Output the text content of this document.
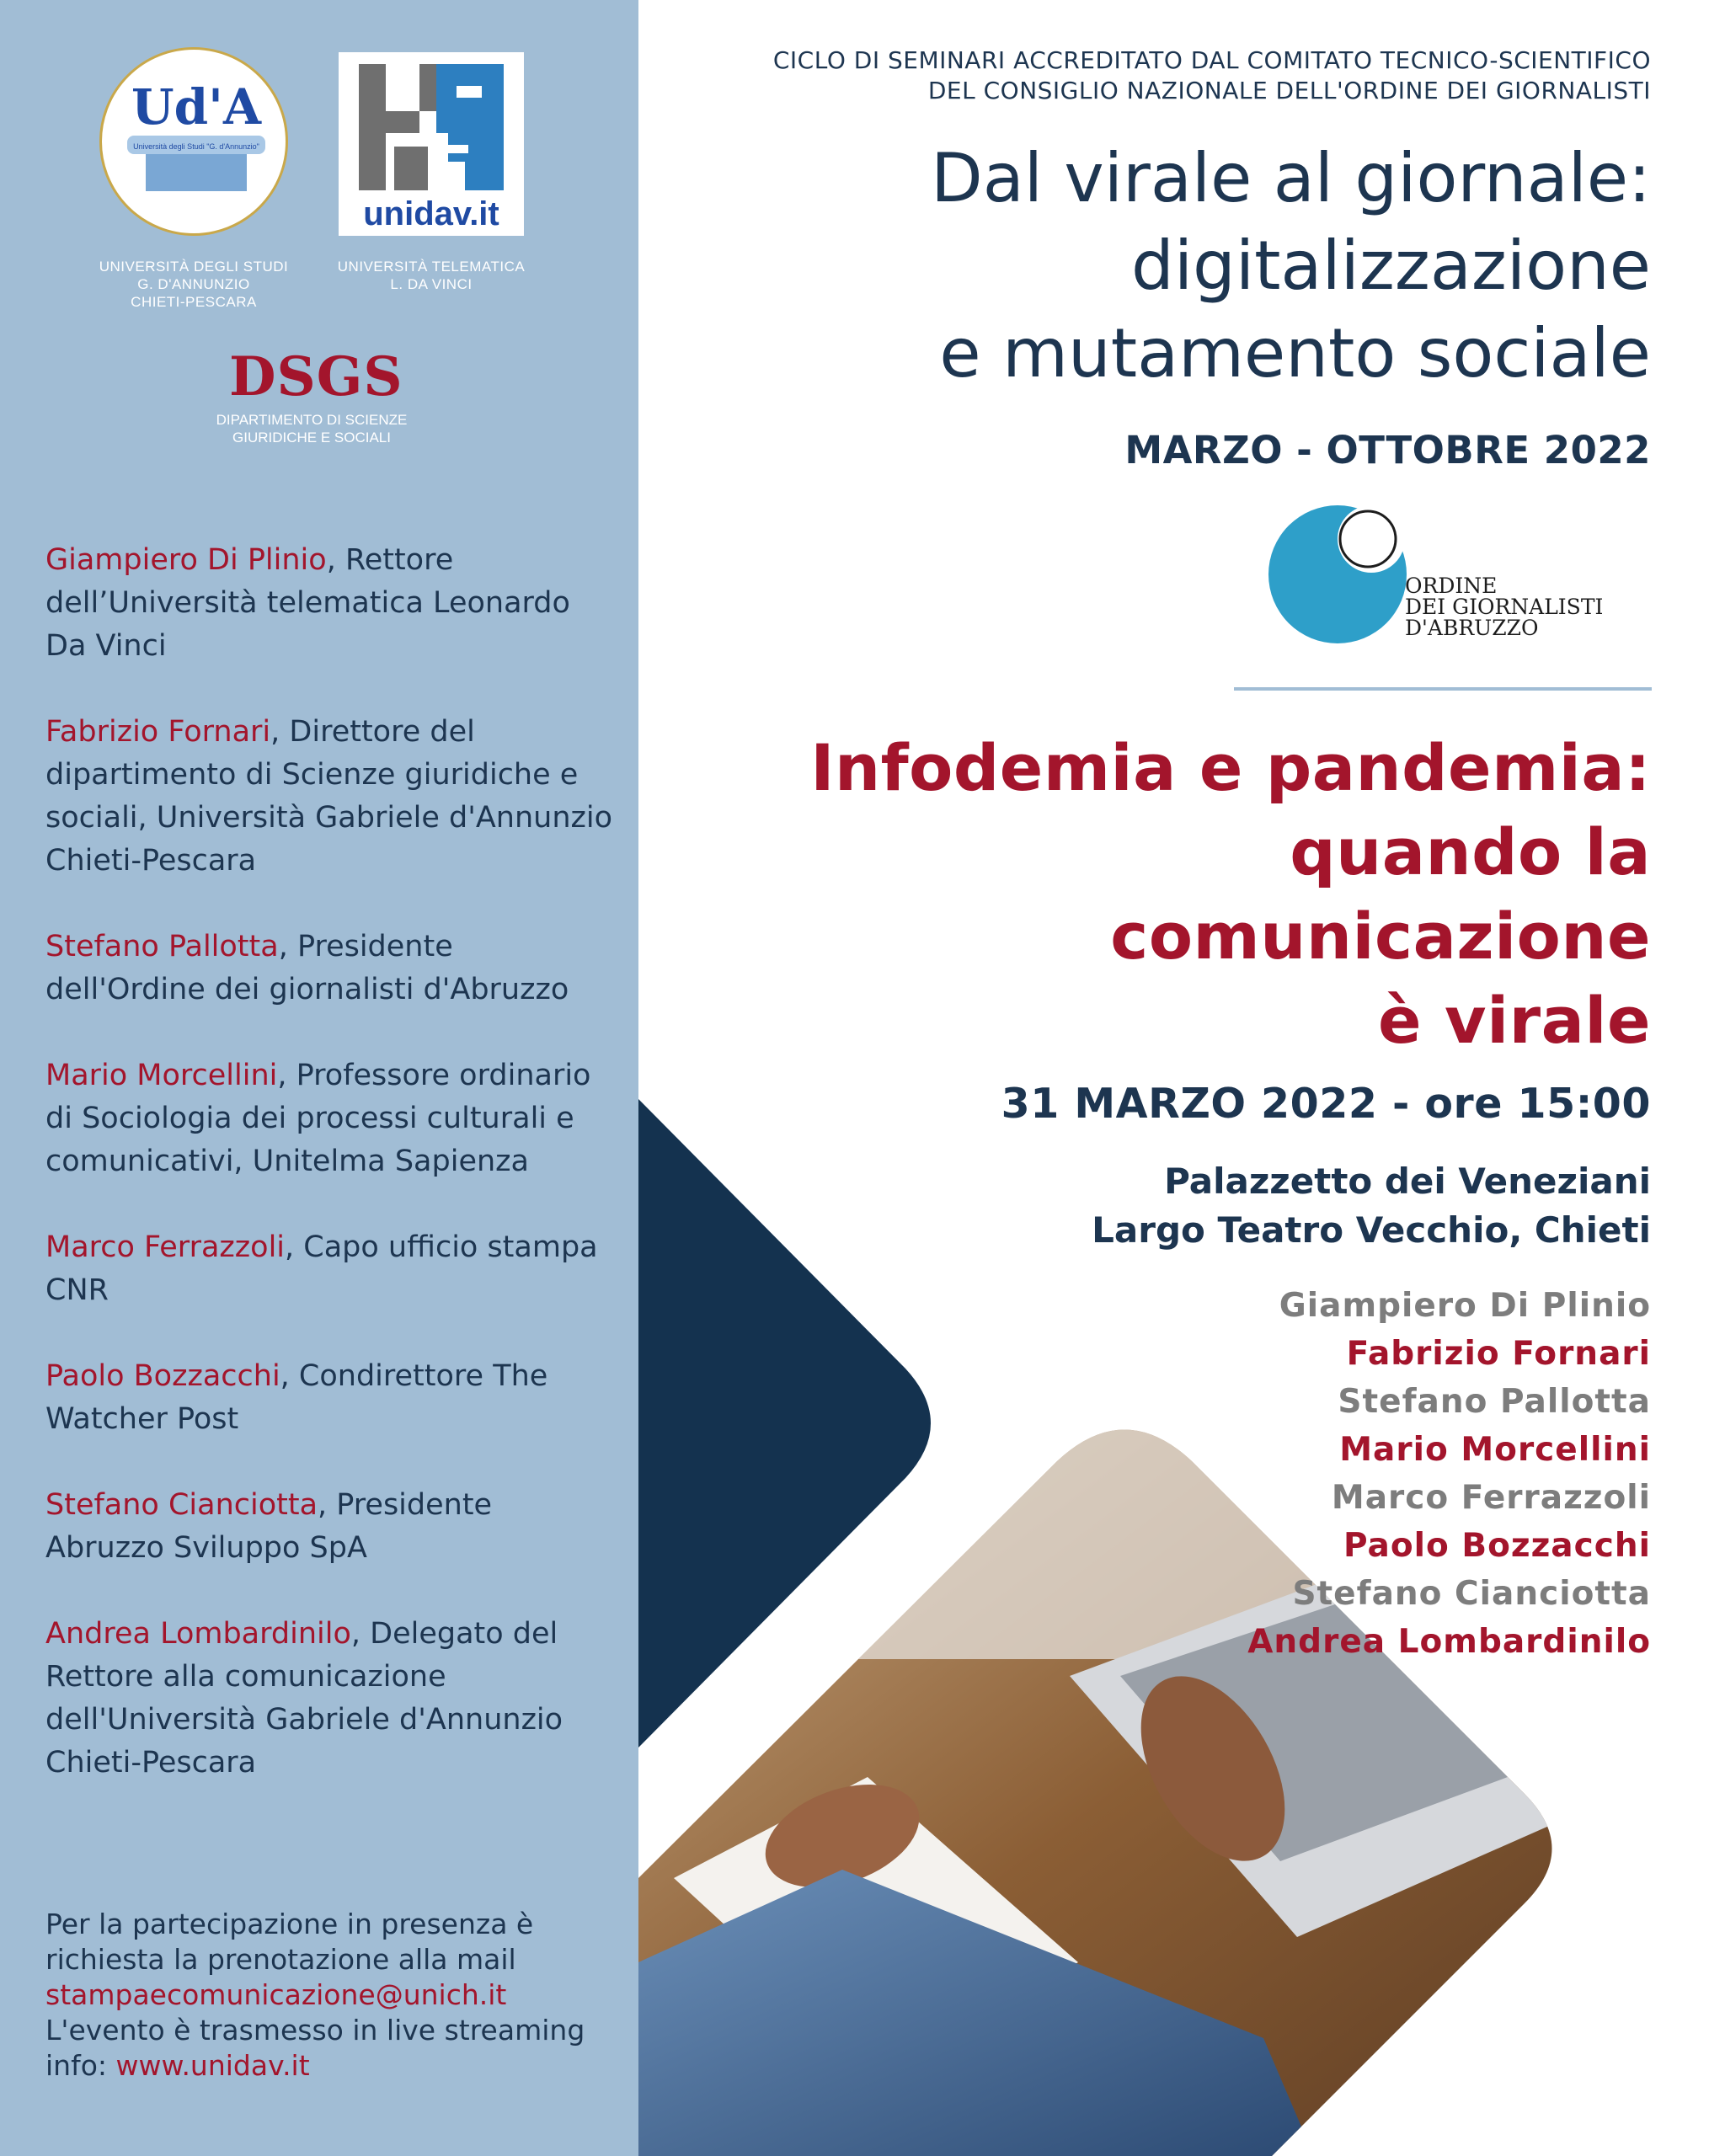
Ud'A
Università degli Studi "G. d'Annunzio"
UNIVERSITÀ DEGLI STUDI
G. D'ANNUNZIO
CHIETI-PESCARA
unidav.it
UNIVERSITÀ TELEMATICA
L. DA VINCI
DSGS
DIPARTIMENTO DI SCIENZE
GIURIDICHE E SOCIALI
Giampiero Di Plinio, Rettore dell’Università telematica Leonardo Da Vinci
Fabrizio Fornari, Direttore del dipartimento di Scienze giuridiche e sociali, Università Gabriele d'Annunzio Chieti-Pescara
Stefano Pallotta, Presidente dell'Ordine dei giornalisti d'Abruzzo
Mario Morcellini, Professore ordinario di Sociologia dei processi culturali e comunicativi, Unitelma Sapienza
Marco Ferrazzoli, Capo ufficio stampa CNR
Paolo Bozzacchi, Condirettore The Watcher Post
Stefano Cianciotta, Presidente Abruzzo Sviluppo SpA
Andrea Lombardinilo, Delegato del Rettore alla comunicazione dell'Università Gabriele d'Annunzio Chieti-Pescara
Per la partecipazione in presenza è richiesta la prenotazione alla mail
stampaecomunicazione@unich.it
L'evento è trasmesso in live streaming
info: www.unidav.it
CICLO DI SEMINARI ACCREDITATO DAL COMITATO TECNICO-SCIENTIFICO
DEL CONSIGLIO NAZIONALE DELL'ORDINE DEI GIORNALISTI
Dal virale al giornale:
digitalizzazione
e mutamento sociale
MARZO - OTTOBRE 2022
ORDINE
DEI GIORNALISTI
D'ABRUZZO
Infodemia e pandemia:
quando la
comunicazione
è virale
31 MARZO 2022 - ore 15:00
Palazzetto dei Veneziani
Largo Teatro Vecchio, Chieti
Giampiero Di Plinio
Fabrizio Fornari
Stefano Pallotta
Mario Morcellini
Marco Ferrazzoli
Paolo Bozzacchi
Stefano Cianciotta
Andrea Lombardinilo
